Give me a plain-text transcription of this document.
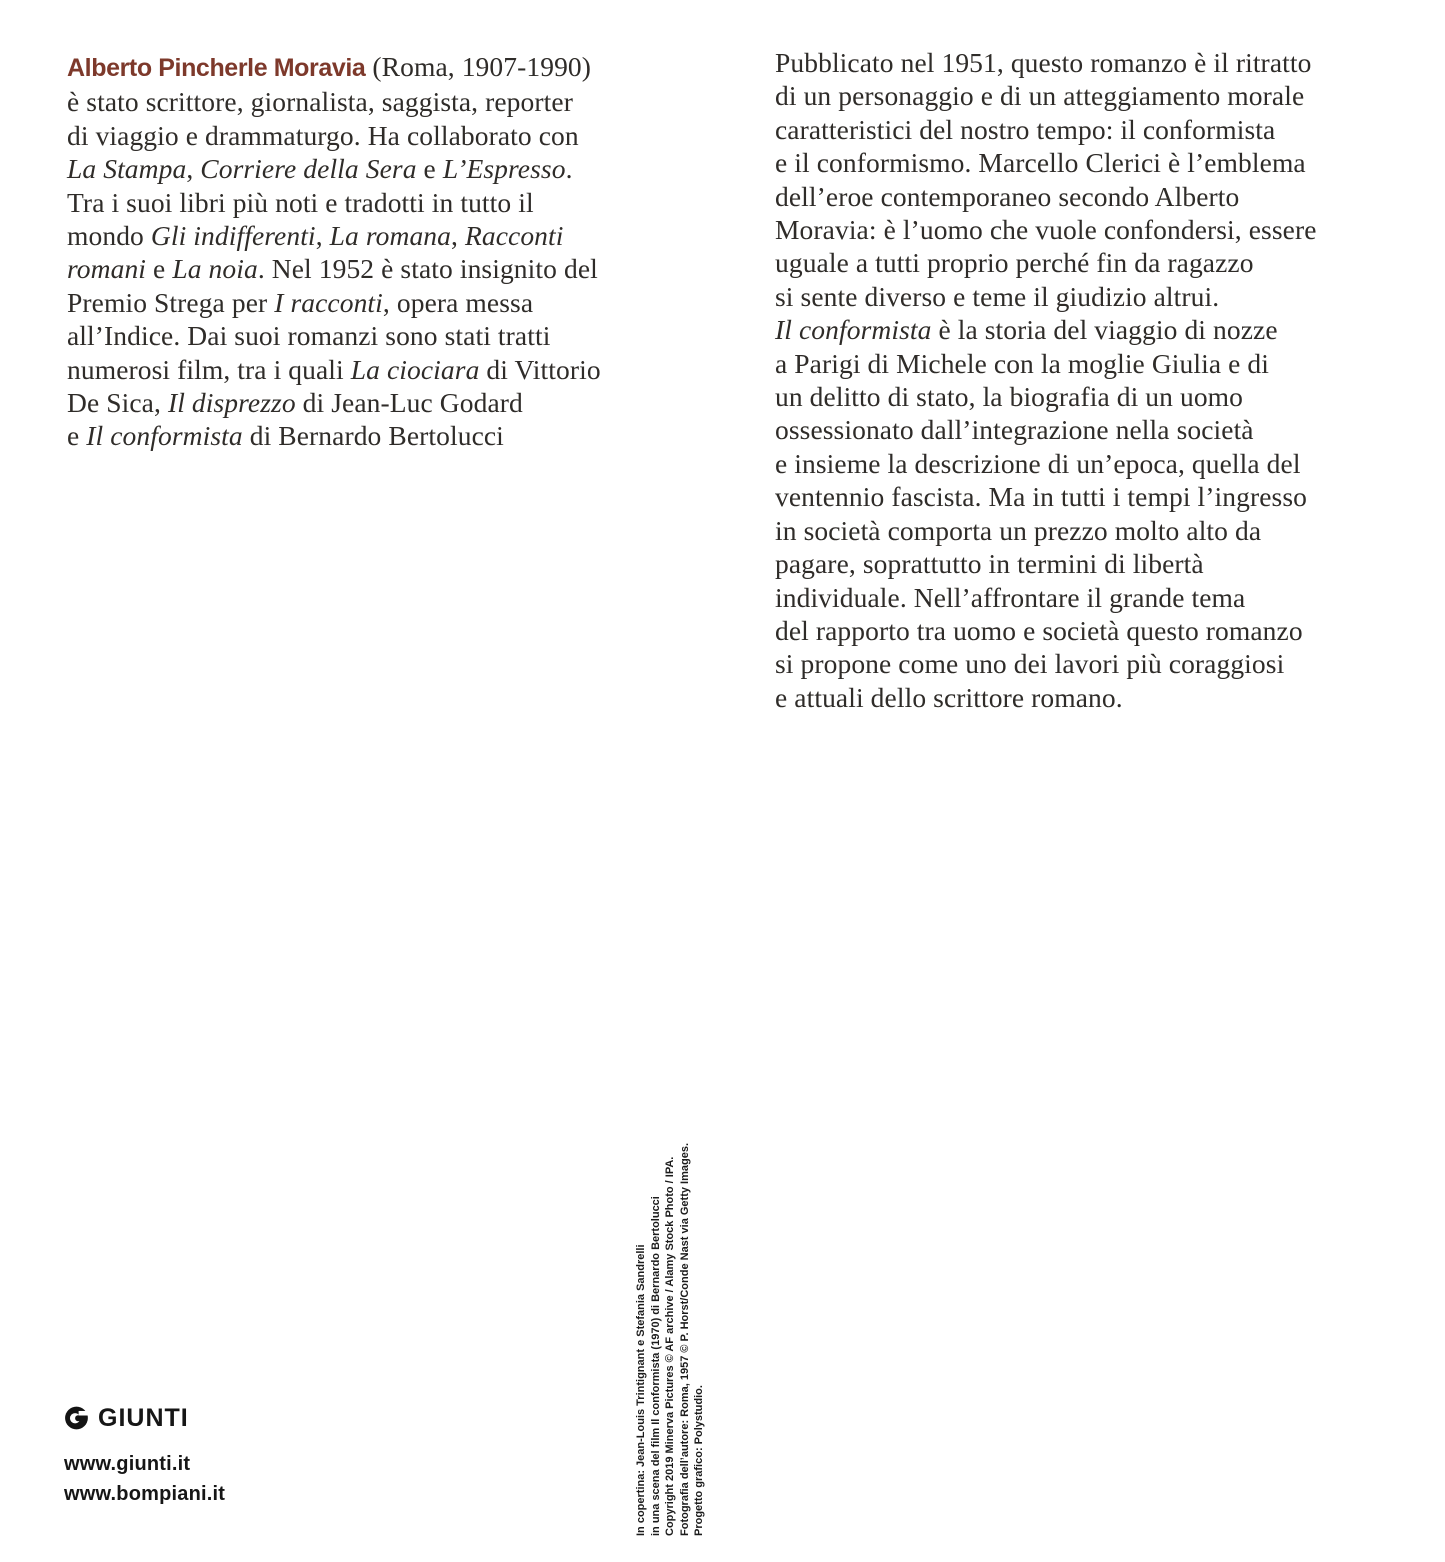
Alberto Pincherle Moravia (Roma, 1907-1990)
è stato scrittore, giornalista, saggista, reporter
di viaggio e drammaturgo. Ha collaborato con
La Stampa, Corriere della Sera e L’Espresso.
Tra i suoi libri più noti e tradotti in tutto il
mondo Gli indifferenti, La romana, Racconti
romani e La noia. Nel 1952 è stato insignito del
Premio Strega per I racconti, opera messa
all’Indice. Dai suoi romanzi sono stati tratti
numerosi film, tra i quali La ciociara di Vittorio
De Sica, Il disprezzo di Jean-Luc Godard
e Il conformista di Bernardo Bertolucci
Pubblicato nel 1951, questo romanzo è il ritratto
di un personaggio e di un atteggiamento morale
caratteristici del nostro tempo: il conformista
e il conformismo. Marcello Clerici è l’emblema
dell’eroe contemporaneo secondo Alberto
Moravia: è l’uomo che vuole confondersi, essere
uguale a tutti proprio perché fin da ragazzo
si sente diverso e teme il giudizio altrui.
Il conformista è la storia del viaggio di nozze
a Parigi di Michele con la moglie Giulia e di
un delitto di stato, la biografia di un uomo
ossessionato dall’integrazione nella società
e insieme la descrizione di un’epoca, quella del
ventennio fascista. Ma in tutti i tempi l’ingresso
in società comporta un prezzo molto alto da
pagare, soprattutto in termini di libertà
individuale. Nell’affrontare il grande tema
del rapporto tra uomo e società questo romanzo
si propone come uno dei lavori più coraggiosi
e attuali dello scrittore romano.
In copertina: Jean-Louis Trintignant e Stefania Sandrelli in una scena del film Il conformista (1970) di Bernardo Bertolucci Copyright 2019 Minerva Pictures © AF archive / Alamy Stock Photo / IPA. Fotografia dell’autore: Roma, 1957 © P. Horst/Conde Nast via Getty Images. Progetto grafico: Polystudio.
GIUNTI
www.giunti.it
www.bompiani.it
